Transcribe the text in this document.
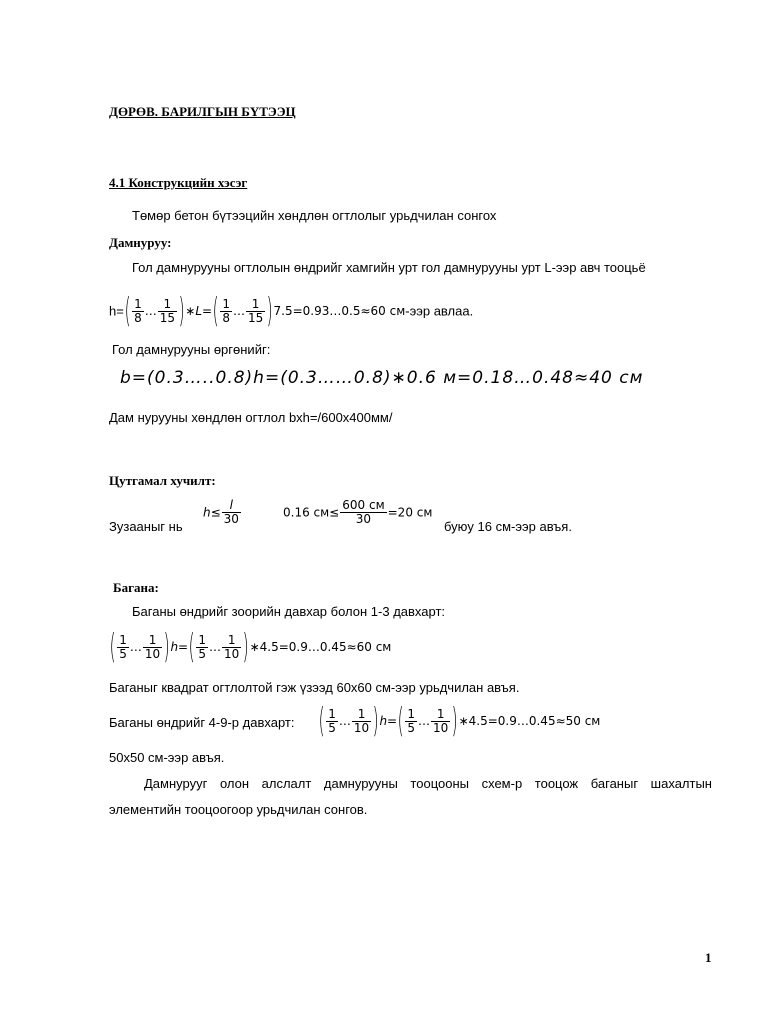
ДӨРӨВ. БАРИЛГЫН БҮТЭЭЦ
4.1 Конструкцийн хэсэг
Төмөр бетон бүтээцийн хөндлөн огтлолыг урьдчилан сонгох
Дамнуруу:
Гол дамнурууны огтлолын өндрийг хамгийн урт гол дамнурууны урт L-ээр авч тооцьё
$h=( \frac{1}{8}$ … $\frac{1}{15}$ )∗L=( $\frac{1}{8}$ … $\frac{1}{15}$ )7.5=0.93…0.5≈60 см-ээр авлаа.
Гол дамнурууны өргөнийг:
b=(0.3…..0.8)h=(0.3……0.8)∗0.6 м=0.18…0.48≈40 см
Дам нурууны хөндлөн огтлол bxh=/600x400мм/
Цутгамал хучилт:
Зузааныг нь
$h\le \frac{l}{30}$	0.16 $см\le \frac{600 см}{30} =20$ см
буюу 16 см-ээр авъя.
Багана:
Баганы өндрийг зоорийн давхар болон 1-3 давхарт:
( $\frac{1}{5}$ … $\frac{1}{10} )h=( \frac{1}{5}$ … $\frac{1}{10}$ )∗4.5=0.9…0.45≈60 см
Баганыг квадрат огтлолтой гэж үзээд 60x60 см-ээр урьдчилан авъя.
Баганы өндрийг 4-9-р давхарт: ( $\frac{1}{5}$ … $\frac{1}{10} )h=( \frac{1}{5}$ … $\frac{1}{10}$ )∗4.5=0.9…0.45≈50 см
50x50 см-ээр авъя.
Дамнурууг олон алслалт дамнурууны тооцооны схем-р тооцож баганыг шахалтын
элементийн тооцоогоор урьдчилан сонгов.
1
